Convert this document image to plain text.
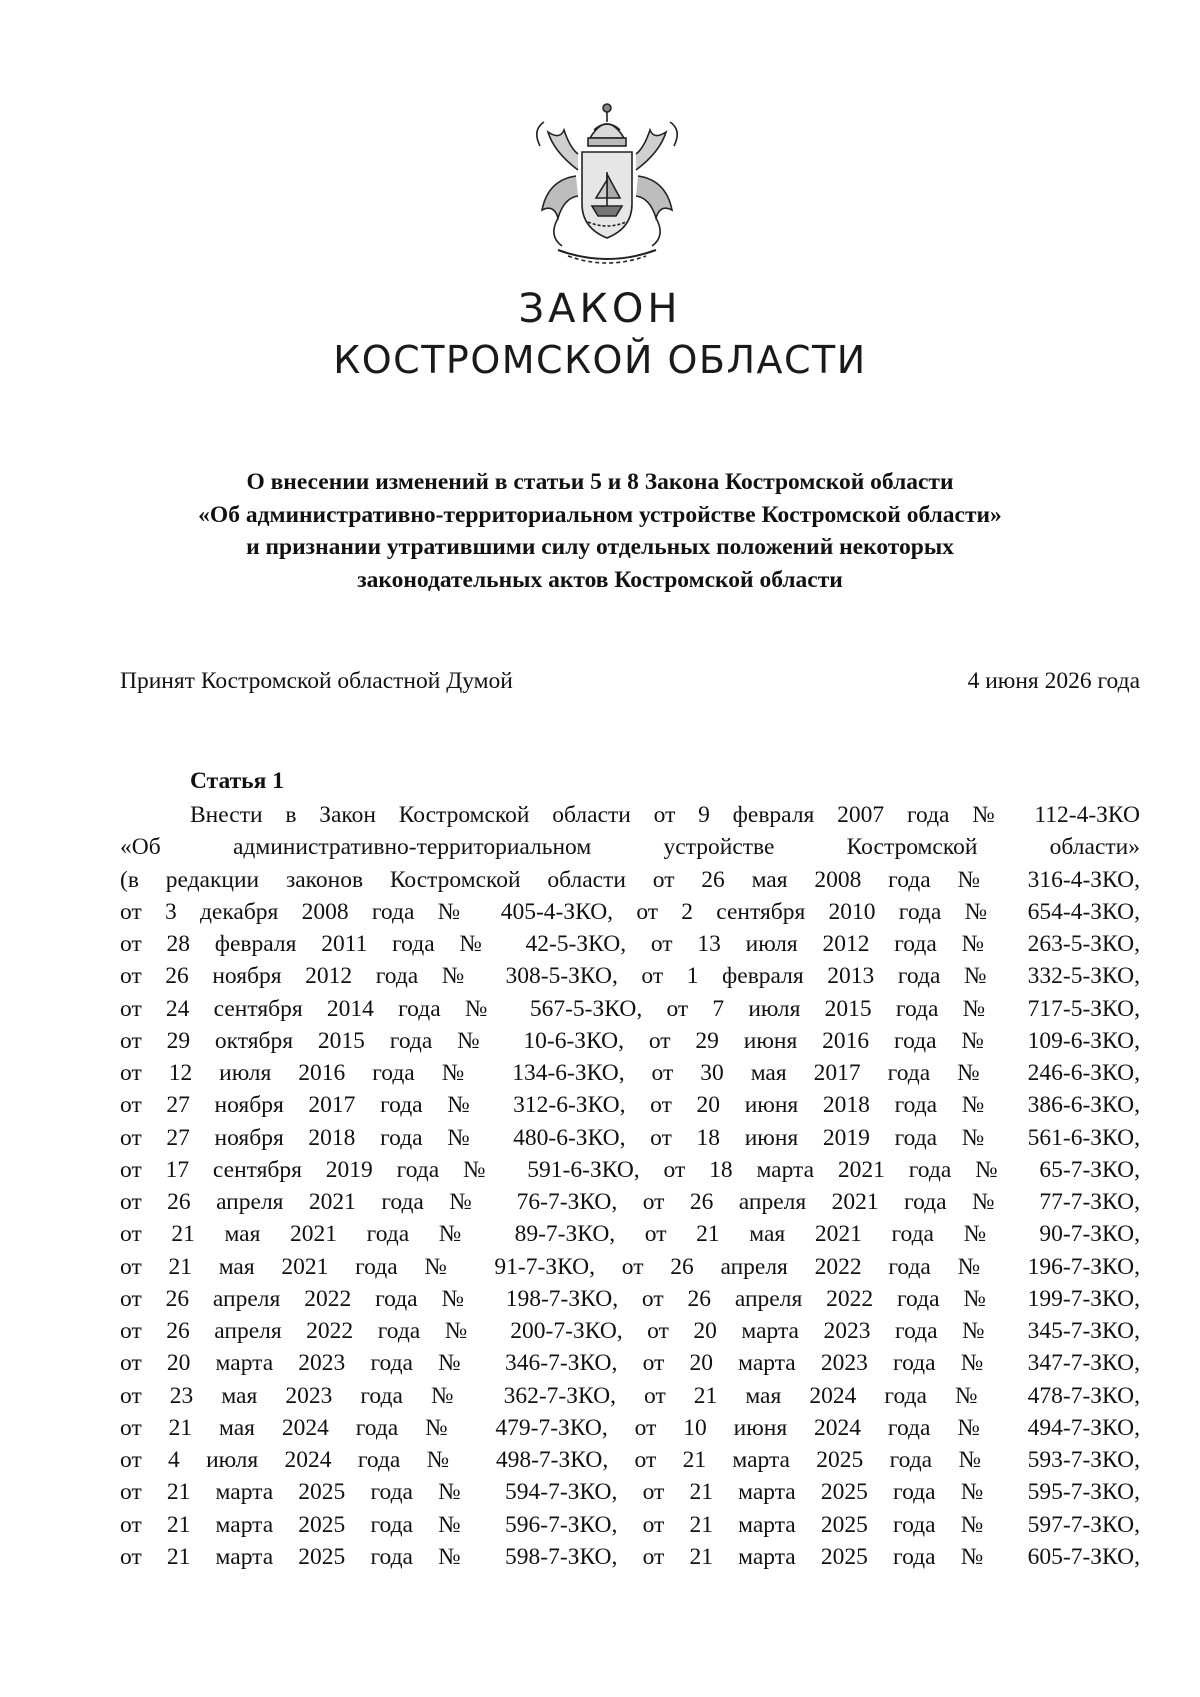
ЗАКОН
КОСТРОМСКОЙ ОБЛАСТИ
О внесении изменений в статьи 5 и 8 Закона Костромской области
«Об административно-территориальном устройстве Костромской области»
и признании утратившими силу отдельных положений некоторых
законодательных актов Костромской области
Принят Костромской областной Думой	4 июня 2026 года
Статья 1
Внести в Закон Костромской области от 9 февраля 2007 года № 112-4-ЗКО
«Об административно-территориальном устройстве Костромской области»
(в редакции законов Костромской области от 26 мая 2008 года № 316-4-ЗКО,
от 3 декабря 2008 года № 405-4-ЗКО, от 2 сентября 2010 года № 654-4-ЗКО,
от 28 февраля 2011 года № 42-5-ЗКО, от 13 июля 2012 года № 263-5-ЗКО,
от 26 ноября 2012 года № 308-5-ЗКО, от 1 февраля 2013 года № 332-5-ЗКО,
от 24 сентября 2014 года № 567-5-ЗКО, от 7 июля 2015 года № 717-5-ЗКО,
от 29 октября 2015 года № 10-6-ЗКО, от 29 июня 2016 года № 109-6-ЗКО,
от 12 июля 2016 года № 134-6-ЗКО, от 30 мая 2017 года № 246-6-ЗКО,
от 27 ноября 2017 года № 312-6-ЗКО, от 20 июня 2018 года № 386-6-ЗКО,
от 27 ноября 2018 года № 480-6-ЗКО, от 18 июня 2019 года № 561-6-ЗКО,
от 17 сентября 2019 года № 591-6-ЗКО, от 18 марта 2021 года № 65-7-ЗКО,
от 26 апреля 2021 года № 76-7-ЗКО, от 26 апреля 2021 года № 77-7-ЗКО,
от 21 мая 2021 года № 89-7-ЗКО, от 21 мая 2021 года № 90-7-ЗКО,
от 21 мая 2021 года № 91-7-ЗКО, от 26 апреля 2022 года № 196-7-ЗКО,
от 26 апреля 2022 года № 198-7-ЗКО, от 26 апреля 2022 года № 199-7-ЗКО,
от 26 апреля 2022 года № 200-7-ЗКО, от 20 марта 2023 года № 345-7-ЗКО,
от 20 марта 2023 года № 346-7-ЗКО, от 20 марта 2023 года № 347-7-ЗКО,
от 23 мая 2023 года № 362-7-ЗКО, от 21 мая 2024 года № 478-7-ЗКО,
от 21 мая 2024 года № 479-7-ЗКО, от 10 июня 2024 года № 494-7-ЗКО,
от 4 июля 2024 года № 498-7-ЗКО, от 21 марта 2025 года № 593-7-ЗКО,
от 21 марта 2025 года № 594-7-ЗКО, от 21 марта 2025 года № 595-7-ЗКО,
от 21 марта 2025 года № 596-7-ЗКО, от 21 марта 2025 года № 597-7-ЗКО,
от 21 марта 2025 года № 598-7-ЗКО, от 21 марта 2025 года № 605-7-ЗКО,
